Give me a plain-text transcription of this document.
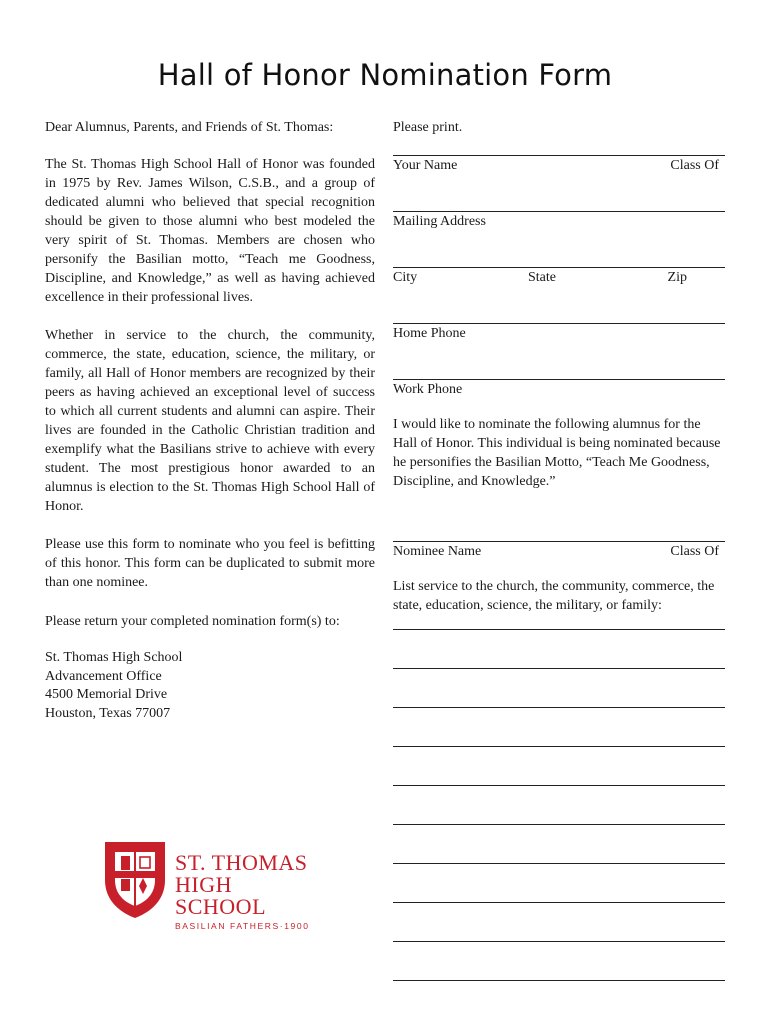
Hall of Honor Nomination Form

Dear Alumnus, Parents, and Friends of St. Thomas:

The St. Thomas High School Hall of Honor was founded in 1975 by Rev. James Wilson, C.S.B., and a group of dedicated alumni who believed that special recognition should be given to those alumni who best modeled the very spirit of St. Thomas. Members are chosen who personify the Basilian motto, “Teach me Goodness, Discipline, and Knowledge,” as well as having achieved excellence in their professional lives.

Whether in service to the church, the community, commerce, the state, education, science, the military, or family, all Hall of Honor members are recognized by their peers as having achieved an exceptional level of success to which all current students and alumni can aspire. Their lives are founded in the Catholic Christian tradition and exemplify what the Basilians strive to achieve with every student. The most prestigious honor awarded to an alumnus is election to the St. Thomas High School Hall of Honor.

Please use this form to nominate who you feel is befitting of this honor. This form can be duplicated to submit more than one nominee.

Please return your completed nomination form(s) to:

St. Thomas High School
Advancement Office
4500 Memorial Drive
Houston, Texas 77007

Please print.

Your Name	Class Of
Mailing Address
City	State	Zip
Home Phone
Work Phone

I would like to nominate the following alumnus for the Hall of Honor. This individual is being nominated because he personifies the Basilian Motto, “Teach Me Goodness, Discipline, and Knowledge.”

Nominee Name	Class Of

List service to the church, the community, commerce, the state, education, science, the military, or family:

ST. THOMAS
HIGH SCHOOL
BASILIAN FATHERS·1900
